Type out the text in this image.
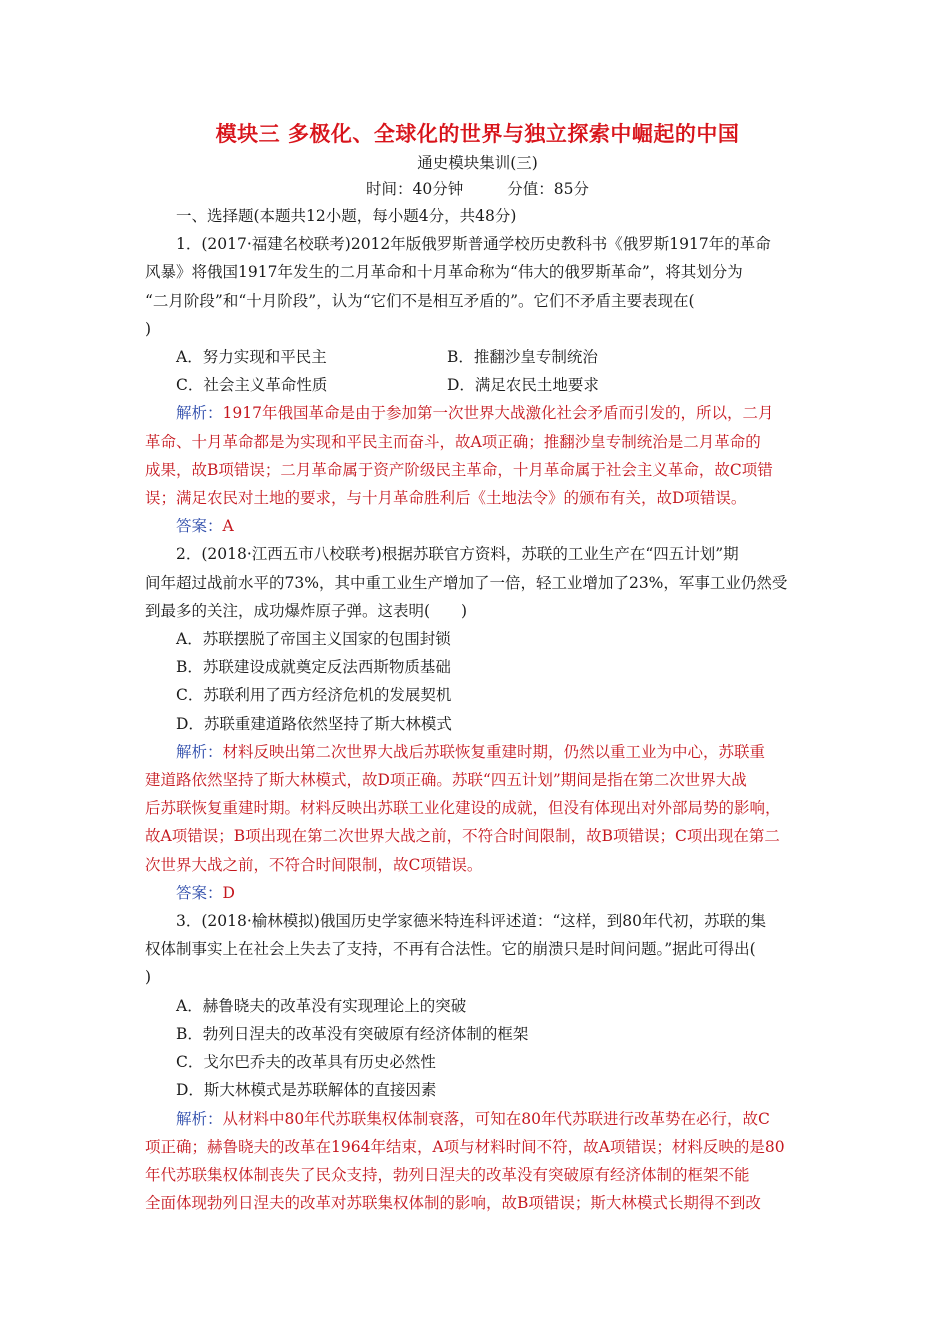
模块三 多极化、全球化的世界与独立探索中崛起的中国
通史模块集训(三)
时间：40分钟	分值：85分

一、选择题(本题共12小题，每小题4分，共48分)

1．(2017·福建名校联考)2012年版俄罗斯普通学校历史教科书《俄罗斯1917年的革命

风暴》将俄国1917年发生的二月革命和十月革命称为“伟大的俄罗斯革命”，将其划分为

“二月阶段”和“十月阶段”，认为“它们不是相互矛盾的”。它们不矛盾主要表现在(

)

A．努力实现和平民主	B．推翻沙皇专制统治
C．社会主义革命性质	D．满足农民土地要求

解析：1917年俄国革命是由于参加第一次世界大战激化社会矛盾而引发的，所以，二月

革命、十月革命都是为实现和平民主而奋斗，故A项正确；推翻沙皇专制统治是二月革命的

成果，故B项错误；二月革命属于资产阶级民主革命，十月革命属于社会主义革命，故C项错

误；满足农民对土地的要求，与十月革命胜利后《土地法令》的颁布有关，故D项错误。

答案：A

2．(2018·江西五市八校联考)根据苏联官方资料，苏联的工业生产在“四五计划”期

间年超过战前水平的73%，其中重工业生产增加了一倍，轻工业增加了23%，军事工业仍然受

到最多的关注，成功爆炸原子弹。这表明(　　)

A．苏联摆脱了帝国主义国家的包围封锁

B．苏联建设成就奠定反法西斯物质基础

C．苏联利用了西方经济危机的发展契机

D．苏联重建道路依然坚持了斯大林模式

解析：材料反映出第二次世界大战后苏联恢复重建时期，仍然以重工业为中心，苏联重

建道路依然坚持了斯大林模式，故D项正确。苏联“四五计划”期间是指在第二次世界大战

后苏联恢复重建时期。材料反映出苏联工业化建设的成就，但没有体现出对外部局势的影响，

故A项错误；B项出现在第二次世界大战之前，不符合时间限制，故B项错误；C项出现在第二

次世界大战之前，不符合时间限制，故C项错误。

答案：D

3．(2018·榆林模拟)俄国历史学家德米特连科评述道：“这样，到80年代初，苏联的集

权体制事实上在社会上失去了支持，不再有合法性。它的崩溃只是时间问题。”据此可得出(

)

A．赫鲁晓夫的改革没有实现理论上的突破

B．勃列日涅夫的改革没有突破原有经济体制的框架

C．戈尔巴乔夫的改革具有历史必然性

D．斯大林模式是苏联解体的直接因素

解析：从材料中80年代苏联集权体制衰落，可知在80年代苏联进行改革势在必行，故C

项正确；赫鲁晓夫的改革在1964年结束，A项与材料时间不符，故A项错误；材料反映的是80

年代苏联集权体制丧失了民众支持，勃列日涅夫的改革没有突破原有经济体制的框架不能

全面体现勃列日涅夫的改革对苏联集权体制的影响，故B项错误；斯大林模式长期得不到改
